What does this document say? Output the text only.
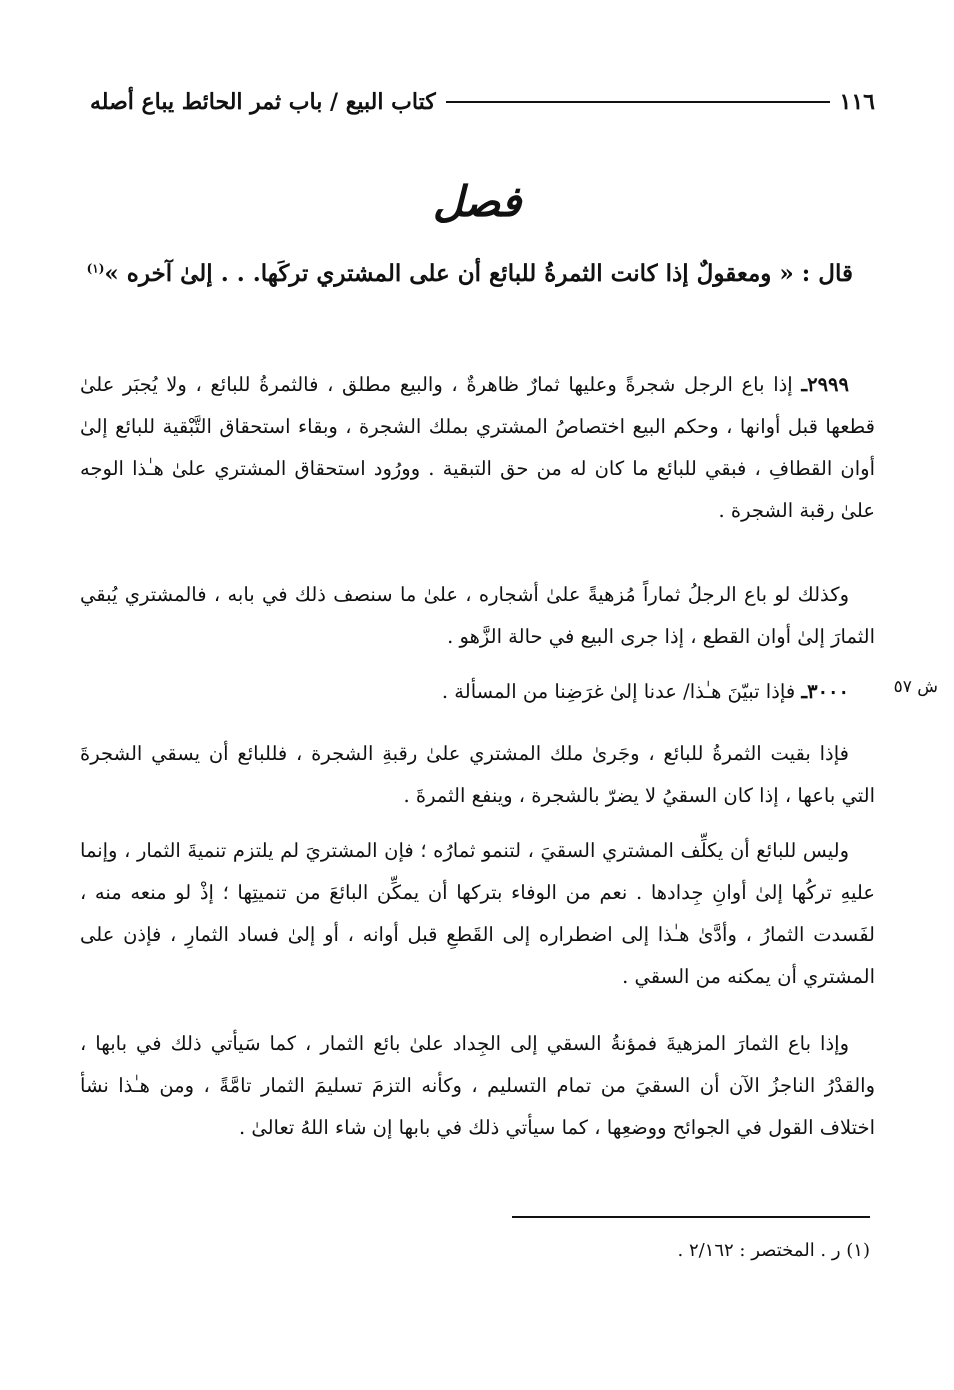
١١٦
كتاب البيع / باب ثمر الحائط يباع أصله
فصل

قال : « ومعقولٌ إذا كانت الثمرةُ للبائع أن على المشتري تركَها. . . إلىٰ آخره »$^{(١)}$

٢٩٩٩ـ إذا باع الرجل شجرةً وعليها ثمارٌ ظاهرةٌ ، والبيع مطلق ، فالثمرةُ للبائع ، ولا يُجبَر علىٰ قطعها قبل أوانها ، وحكم البيع اختصاصُ المشتري بملك الشجرة ، وبقاء استحقاق التَّبْقية للبائع إلىٰ أوان القطافِ ، فبقي للبائع ما كان له من حق التبقية . وورُود استحقاق المشتري علىٰ هـٰذا الوجه علىٰ رقبة الشجرة .

وكذلك لو باع الرجلُ ثماراً مُزهيةً علىٰ أشجاره ، علىٰ ما سنصف ذلك في بابه ، فالمشتري يُبقي الثمارَ إلىٰ أوان القطع ، إذا جرى البيع في حالة الزَّهو .

ش ٥٧

٣٠٠٠ـ فإذا تبيّنَ هـٰذا/ عدنا إلىٰ غرَضِنا من المسألة .

فإذا بقيت الثمرةُ للبائع ، وجَرىٰ ملك المشتري علىٰ رقبةِ الشجرة ، فللبائع أن يسقي الشجرةَ التي باعها ، إذا كان السقيُ لا يضرّ بالشجرة ، وينفع الثمرةَ .

وليس للبائع أن يكلِّف المشتري السقيَ ، لتنمو ثمارُه ؛ فإن المشتريَ لم يلتزم تنميةَ الثمار ، وإنما عليهِ تركُها إلىٰ أوانِ جِدادها . نعم من الوفاء بتركها أن يمكِّن البائعَ من تنميتِها ؛ إذْ لو منعه منه ، لفَسدت الثمارُ ، وأدَّىٰ هـٰذا إلى اضطراره إلى القَطعِ قبل أوانه ، أو إلىٰ فساد الثمارِ ، فإذن على المشتري أن يمكنه من السقي .

وإذا باع الثمارَ المزهيةَ فمؤنةُ السقي إلى الجِداد علىٰ بائع الثمار ، كما سَيأتي ذلك في بابها ، والقدْرُ الناجزُ الآن أن السقيَ من تمام التسليم ، وكأنه التزمَ تسليمَ الثمار تامَّةً ، ومن هـٰذا نشأ اختلاف القول في الجوائح ووضعِها ، كما سيأتي ذلك في بابها إن شاء اللهُ تعالىٰ .

(١) ر . المختصر : ٢/١٦٢ .
